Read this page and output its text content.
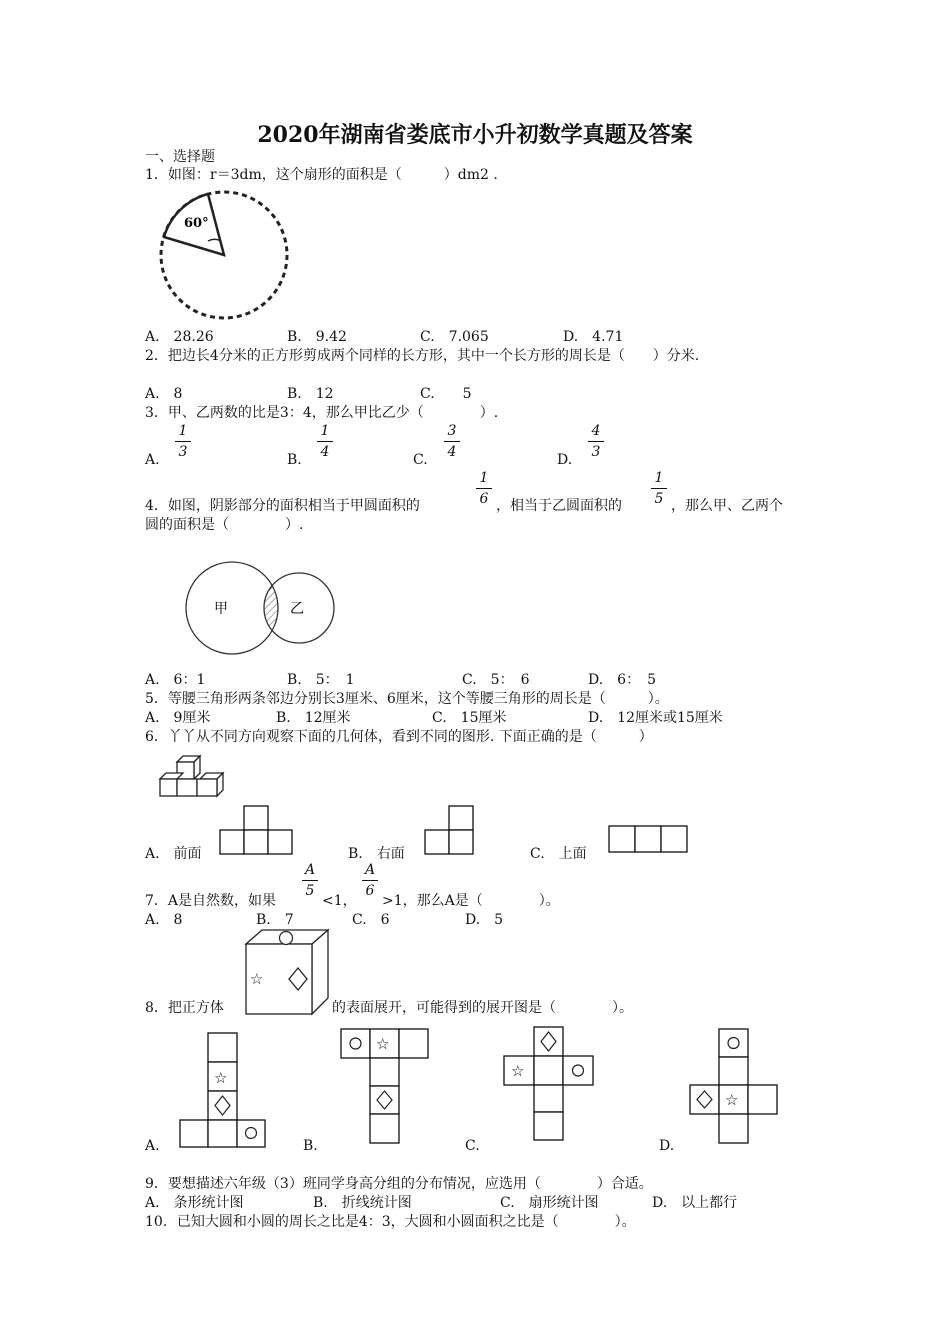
2020年湖南省娄底市小升初数学真题及答案
一、选择题
1．如图：r＝3dm，这个扇形的面积是（　　　）dm2 .
60°
A.　28.26	B.　9.42	C.　7.065	D.　4.71
2．把边长4分米的正方形剪成两个同样的长方形，其中一个长方形的周长是（　　）分米.
A.　8	B.　12	C.　　5
3．甲、乙两数的比是3：4，那么甲比乙少（　　　　）.
A.
1
3	B.
1
4	C.
3
4	D.
4
3
4．如图，阴影部分的面积相当于甲圆面积的
1
6 ，相当于乙圆面积的
1
5 ，那么甲、乙两个
圆的面积是（　　　　）.
甲	乙
A.　6：1	B.　5：　1	C.　5：　6	D.　6：　5
5．等腰三角形两条邻边分别长3厘米、6厘米，这个等腰三角形的周长是（　　　）。
A.　9厘米	B.　12厘米	C.　15厘米	D.　12厘米或15厘米
6．丫丫从不同方向观察下面的几何体，看到不同的图形. 下面正确的是（　　　）
A.　前面	B.　右面	C.　上面
7．A是自然数，如果
A
5
<1，
A
6
>1，那么A是（　　　　）。
A.　8	B.　7	C.　6	D.　5
8．把正方体
☆
的表面展开，可能得到的展开图是（　　　　）。
A.
☆
B.
☆
C.
☆
D.
☆
9．要想描述六年级（3）班同学身高分组的分布情况，应选用（　　　　）合适。
A.　条形统计图	B.　折线统计图	C.　扇形统计图	D.　以上都行
10．已知大圆和小圆的周长之比是4：3，大圆和小圆面积之比是（　　　　）。
